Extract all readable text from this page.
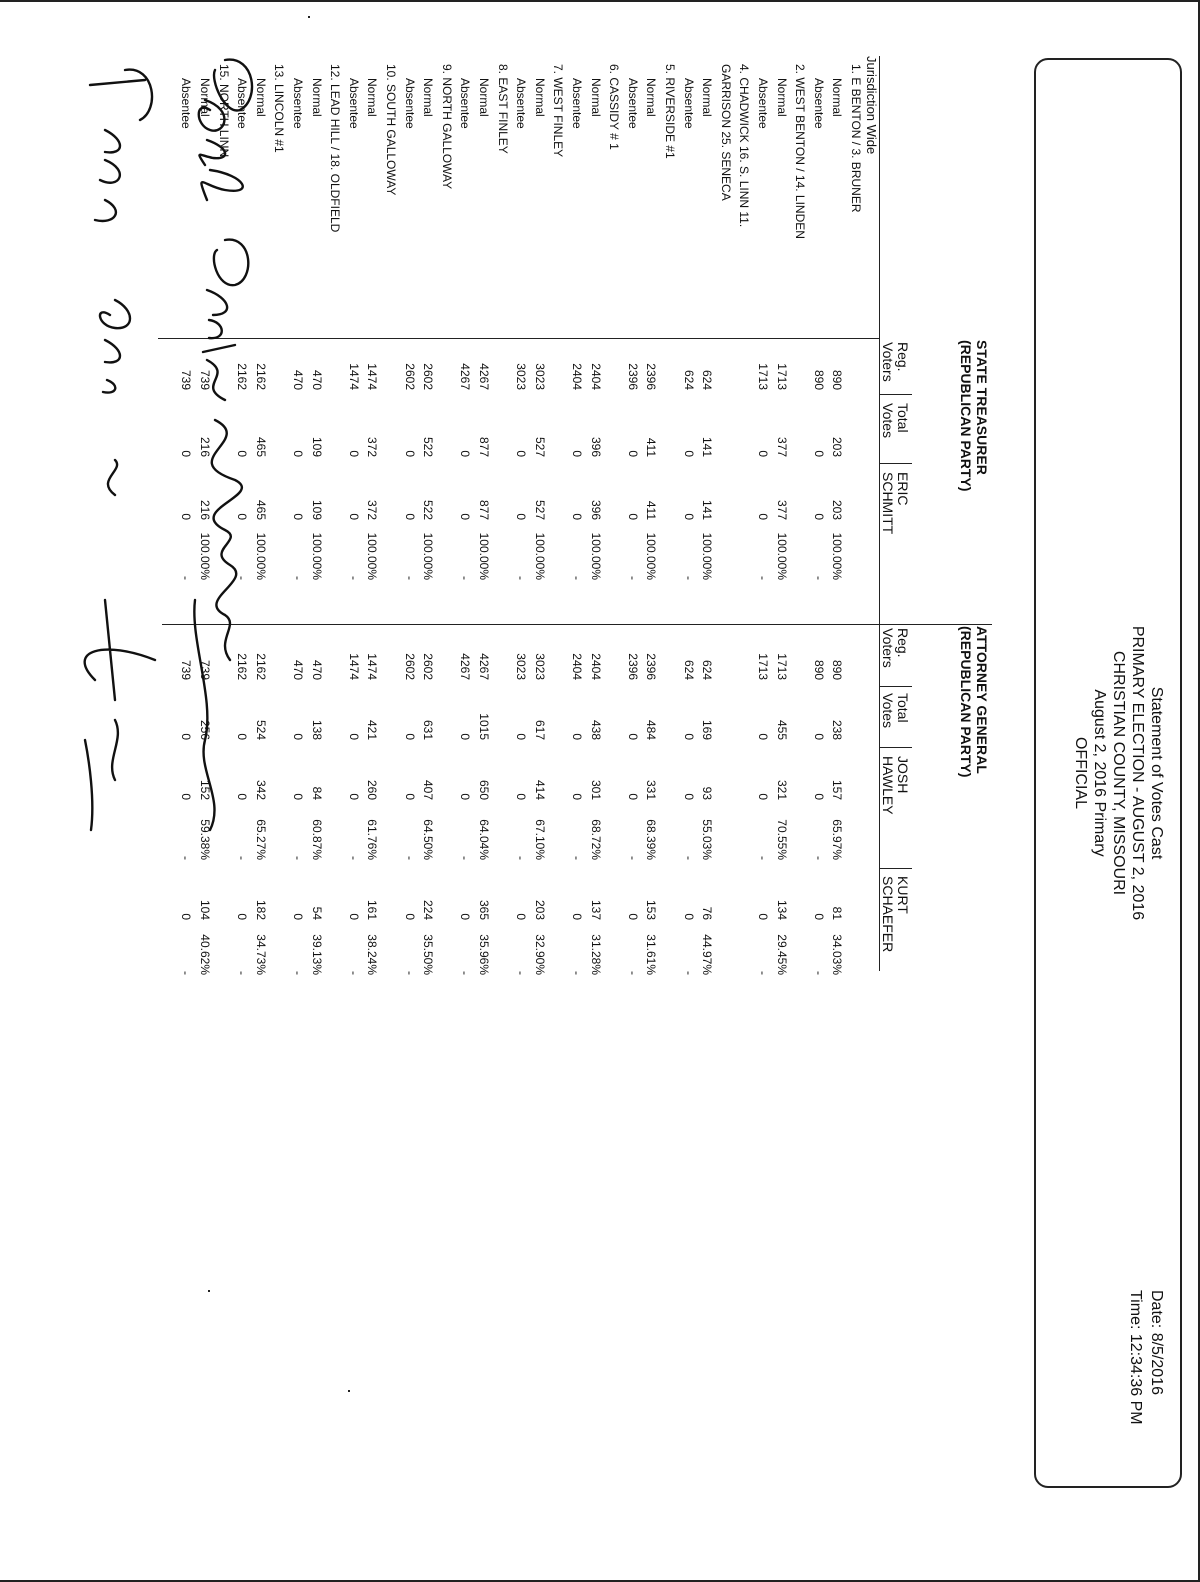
Statement of Votes Cast
PRIMARY ELECTION - AUGUST 2, 2016
CHRISTIAN COUNTY, MISSOURI
August 2, 2016 Primary
OFFICIAL
Date: 8/5/2016
Time: 12:34:36 PM
STATE TREASURER
(REPUBLICAN PARTY)
ATTORNEY GENERAL
(REPUBLICAN PARTY)
Reg.
Voters
Total
Votes
ERIC
SCHMITT
Reg.
Voters
Total
Votes
JOSH
HAWLEY
KURT
SCHAEFER
Jurisdiction Wide
1. E BENTON / 3. BRUNER
Normal
890
203
203
100.00%
890
238
157
65.97%
81
34.03%
Absentee
890
0
0
-
890
0
0
-
0
-
2. WEST BENTON / 14. LINDEN
Normal
1713
377
377
100.00%
1713
455
321
70.55%
134
29.45%
Absentee
1713
0
0
-
1713
0
0
-
0
-
4. CHADWICK 16. S. LINN 11.
GARRISON 25. SENECA
Normal
624
141
141
100.00%
624
169
93
55.03%
76
44.97%
Absentee
624
0
0
-
624
0
0
-
0
-
5. RIVERSIDE #1
Normal
2396
411
411
100.00%
2396
484
331
68.39%
153
31.61%
Absentee
2396
0
0
-
2396
0
0
-
0
-
6. CASSIDY # 1
Normal
2404
396
396
100.00%
2404
438
301
68.72%
137
31.28%
Absentee
2404
0
0
-
2404
0
0
-
0
-
7. WEST FINLEY
Normal
3023
527
527
100.00%
3023
617
414
67.10%
203
32.90%
Absentee
3023
0
0
-
3023
0
0
-
0
-
8. EAST FINLEY
Normal
4267
877
877
100.00%
4267
1015
650
64.04%
365
35.96%
Absentee
4267
0
0
-
4267
0
0
-
0
-
9. NORTH GALLOWAY
Normal
2602
522
522
100.00%
2602
631
407
64.50%
224
35.50%
Absentee
2602
0
0
-
2602
0
0
-
0
-
10. SOUTH GALLOWAY
Normal
1474
372
372
100.00%
1474
421
260
61.76%
161
38.24%
Absentee
1474
0
0
-
1474
0
0
-
0
-
12. LEAD HILL / 18. OLDFIELD
Normal
470
109
109
100.00%
470
138
84
60.87%
54
39.13%
Absentee
470
0
0
-
470
0
0
-
0
-
13. LINCOLN #1
Normal
2162
465
465
100.00%
2162
524
342
65.27%
182
34.73%
Absentee
2162
0
0
-
2162
0
0
-
0
-
15. NORTH LINN
Normal
739
216
216
100.00%
739
256
152
59.38%
104
40.62%
Absentee
739
0
0
-
739
0
0
-
0
-
